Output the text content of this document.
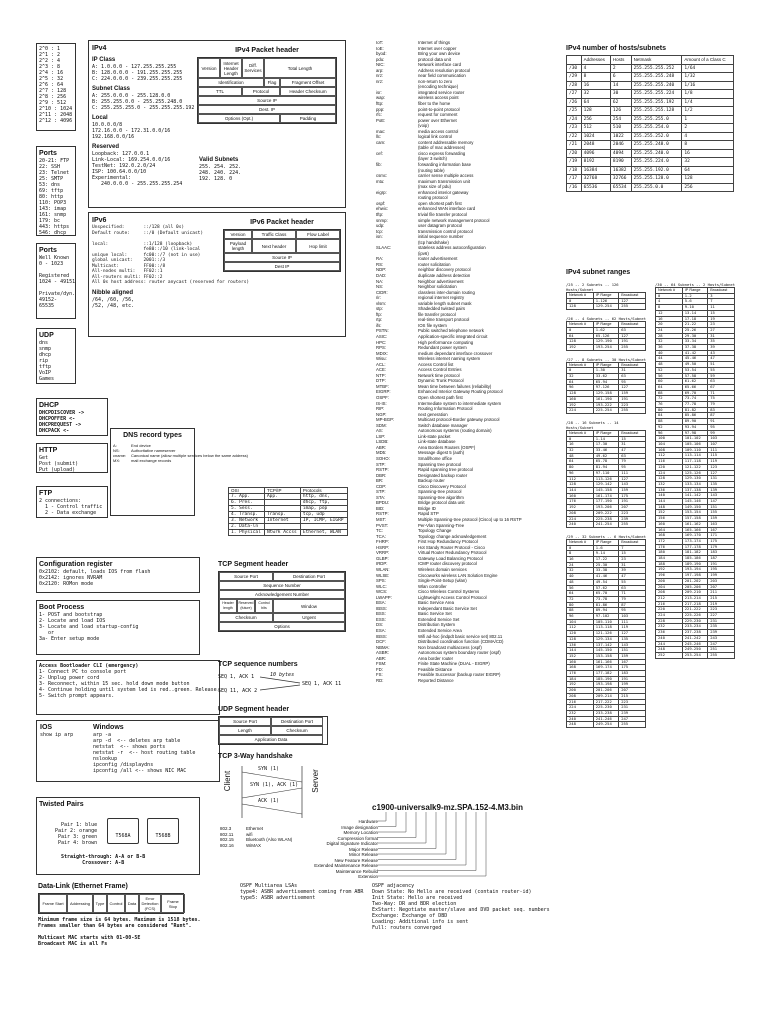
2^0 : 1
2^1 : 2
2^2 : 4
2^3 : 8
2^4 : 16
2^5 : 32
2^6 : 64
2^7 : 128
2^8 : 256
2^9 : 512
2^10 : 1024
2^11 : 2048
2^12 : 4096
Ports
20-21: FTP
22: SSH
23: Telnet
25: SMTP
53: dns
69: tftp
80: http
110: POP3
143: imap
161: snmp
179: bc
443: https
546: dhcp
Ports
Well Known
0 - 1023

Registered
1024 - 49151

Private/dyn.
49152-
65535
UDP
dns
snmp
dhcp
rip
tftp
VoIP
Games
DHCP
DHCPDISCOVER ->
DHCPOFFER <-
DHCPREQUEST ->
DHCPACK <-
HTTP
Get
Post (submit)
Put (upload)
FTP
2 connections:
1 - Control traffic
2 - Data exchange
IPv4
IP Class
A: 1.0.0.0 - 127.255.255.255
B: 128.0.0.0 - 191.255.255.255
C: 224.0.0.0 - 239.255.255.255
Subnet Class
A: 255.0.0.0 - 255.128.0.0
B: 255.255.0.0 - 255.255.248.0
C: 255.255.255.0 - 255.255.255.192
Local
10.0.0.0/8
172.16.0.0 - 172.31.0.0/16
192.168.0.0/16
Reserved
Loopback: 127.0.0.1
Link-Local: 169.254.0.0/16
TestNet: 192.0.2.0/24
ISP: 100.64.0.0/10
Experimental:
240.0.0.0 - 255.255.255.254
Valid Subnets
255. 254. 252.
248. 240. 224.
192. 128. 0
IPv4 Packet header
Version
Internet Header Length
Diff. Services	Total Length
Identification	Flag	Fragment Offset
TTL	Protocol	Header Checksum
Source IP
Dest. IP
Options (Opt.)	Padding
IPv6
Unspecified:       ::/128 (all 0s)
Default route:     ::/0 (Default unicast)

local:             ::1/128 (loopback)
fe80::/10 (link-local
unique local:      fc00::/7 (not in use)
global unicast:    2001::/3
Multicast:         FF00::/8
All-nodes multi:   FF02::1
All-routers multi: FF02::2
All 0s host address: router anycast (reserved for routers)
Nibble aligned
/64, /60, /56,
/52, /48, etc.
IPv6 Packet header
Version	Traffic Class	Flow Label
Payload length	Next header	Hop limit
Source IP
Dest IP
DNS record types
A:	End device
NS:	Authoritative nameserver
cname: Canonical name (allow multiple services below the same address)
MX:	mail exchange records
OSI	TCP/IP	Protocols
7. App.	App.	http, dns,
6. Pres.		dhcp, ftp,
5. Sess.		imap, pop
4. Transp.	Transp.	tcp, udp
3. Network	Internet	IP, ICMP, EIGRP
2. Data-ln		
1. Physical	Ntwrk Accss	Ethernet, WLAN
Configuration register
0x2102: default, loads IOS from flash
0x2142: ignores NVRAM
0x2120: ROMon mode
Boot Process
1- POST and bootstrap
2- Locate and load IOS
3- Locate and load startup-config
or
3a- Enter setup mode
Access Bootloader CLI (emergency)
1- Connect PC to console port
2- Unplug power cord
3- Reconnect, within 15 sec. hold down mode button
4- Continue holding until system led is red..green. Release.
5- Switch prompt appears.
IOS
show ip arp
Windows
arp -a
arp -d  <-- deletes arp table
netstat  <-- shows ports
netstat -r  <-- host routing table
nslookup
ipconfig /displaydns
ipconfig /all <-- shows NIC MAC
Twisted Pairs
Pair 1: blue
Pair 2: orange
Pair 3: green
Pair 4: brown
T568A	T568B
Straight-through: A-A or B-B
Crossover: A-B
Data-Link (Ethernet Frame)
Frame Start	Addressing	Type	Control	Data
Error Detection (FCS)
Frame Stop
Minimum frame size is 64 bytes. Maximum is 1518 bytes.
Frames smaller than 64 bytes are considered "Runt".

Multicast MAC starts with 01-00-5E
Broadcast MAC is all Fs
TCP Segment header
Source Port	Destination Port
Sequence Number
Acknowledgement Number
Header length
Reserved (future)
Control bits	Window
Checksum	Urgent
Options
TCP sequence numbers
SEQ 1, ACK 1
SEQ 11, ACK 2
SEQ 1, ACK 11
10 bytes
UDP Segment header
Source Port	Destination Port
Length	Checksum
Application Data
TCP 3-Way handshake
Client	Server
SYN (1)
SYN (1), ACK (1)
ACK (1)
802.3	Ethernet
802.11	wifi
802.15	Bluetooth (Also WLAN)
802.16	WiMAX
OSPF Multiarea LSAs
type4: ASBR advertisement coming from ABR
type5: ASBR advertisement
OSPF adjacency
Down State: No Hello are received (contain router-id)
Init State: Hello are received
Two-Way: DR and BDR election
ExStart: Negotiate master/slave and DVD packet seq. numbers
Exchange: Exchange of DBD
Loading: Additional info is sent
Full: routers converged
c1900-universalk9-mz.SPA.152-4.M3.bin
Hardware
Image designation
Memory Location
Compression format
Digital Signature Indicator
Major Release
Minor Release
New Feature Release
Extended Maintenance Release
Maintenance Rebuild
Extension
IoT:	Internet of things
IoE:	Internet over copper
byod:	Bring your own device
pdu:	protocol data unit
NIC:	Network interface card
arp:	Address resolution protocol
nrz:	near field communication
nrz:	non-return to zero
(encoding technique)
isr:	integrated service router
wap:	wireless access point
fttp:	fiber to the home
ppp:	point-to-point protocol
rfc:	request for comment
PoE:	power over Ethernet
(voip)
mac:	media access control
llc:	logical link control
cam:	content addressable memory
(table of mac addresses)
cef:	cisco express forwarding
(layer 3 switch)
fib:	forwarding information base
(routing table)
csmc:	carrier sense multiple access
mtu:	maximum transmission unit
(max size of pdu)
eigrp:	enhanced interior gateway
routing protocol
ospf:	open shortest path first
ehwic:	enhanced WAN interface card
tftp:	trivial file transfer protocol
snmp:	simple network management protocol
udp:	user datagram protocol
tcp:	transmission control protocol
isn:	initial sequence number
(tcp handshake)
SLAAC:	stateless address autoconfiguration
(ipv6)
RA:	router advertisement
RS:	router solicitation
NDP:	neighbor discovery protocol
DAD:	duplicate address detection
NA:	Neighbor advertisement
NS:	Neighbor solicitation
CIDR:	classless inter-domain routing
rir:	regional internet registry
vlsm:	variable length subnet mask
stp:	Shadedded twisted pairs
ftp:	file transfer protocol
rtp:	real-time transport protocol
ifs:	IOS file system
PSTN:	Public switched telephone network
ASIC:	Application-specific integrated circuit
HPC:	High performance computing
RPS:	Redundant power system
MDIX:	medium dependant interface crossover
Wisu:	Wireless internet naming system
ACL:	Access Control list
ACE:	Access Control Entries
NTP:	Network time protocol
DTP:	Dynamic Trunk Protocol
MTBF:	Mean time between failures (reliability)
EIGRP:	Enhanced Interior Gateway Routing protocol
OSPF:	Open shortest path first
IS-IS:	Intermediate system to intermediate system
RIP:	Routing Information Protocol
NGP:	next generation
MP-BGP:	Multicast protocol-Border gateway protocol
SDM:	Switch database manager
AS:	Autonomous systems (routing domain)
LSP:	Link-state packet
LSDB:	Link-state database
ABR:	Area Borders Routers (OSPF)
MD5:	Message digest 5 (auth)
SOHO:	Small/home office
STP:	Spanning tree protocol
RSTP:	Rapid spanning tree protocol
DBR:	Designated backup router
BR:	Backup router
CDP:	Cisco Discovery Protocol
STP:	Spanning-tree protocol
STA:	Spanning-tree algorithm
BPDU:	Bridge protocol data unit
BID:	Bridge ID
RSTP:	Rapid STP
MST:	Multiple Spanning-tree protocol (Cisco) up to 16 RSTP
PVST:	Per-Vlan Spanning-Tree
TC:	Topology Change
TCA:	Topology change acknowledgement
FHRP:	First Hop Redundancy Protocol
HSRP:	Hot Standy Router Protocol - Cisco
VRRP:	Virtual Router Redundancy Protocol
GLBP:	Gateway Load Balancing Protocol
IRDP:	ICMP router discovery protocol
WLAN:	Wireless domain services
WLSE:	Ciscoworks wireless LAN Solution Engine
SPS:	Single-Point-Setup (wlan)
WLC:	Wlan controller
WCS:	Cisco Wireless Control Systems
LWAPP:	Lightweight Access Control Protocol
BSA:	Basic Service Area
IBSS:	Independant Basic Service Set
BSS:	Basic Service Set
ESS:	Extended Service Set
DS:	Distribution System
ESA:	Extended Service Area
IBSS:	Wifi ad-hoc (indpdt basic service set) 802.11
DCF:	Distributed coordination function (CDMA/CD)
NBMA:	Non broadcast multiaccess (ospf)
ASBR:	Autonomous system boundary router (ospf)
ABR:	Area border router
FSM:	Finite State Machine (DUAL - EIGRP)
FD:	Feasible Distance
FS:	Feasible Successor (backup router EIGRP)
RD:	Reported Distance
IPv4 number of hosts/subnets
	Addresses	Hosts	Netmask	Amount of a Class C
/30	4	2	255.255.255.252	1/64
/29	8	6	255.255.255.248	1/32
/28	16	14	255.255.255.240	1/16
/27	32	30	255.255.255.224	1/8
/26	64	62	255.255.255.192	1/4
/25	128	126	255.255.255.128	1/2
/24	256	254	255.255.255.0	1
/23	512	510	255.255.254.0	2
/22	1024	1022	255.255.252.0	4
/21	2048	2046	255.255.248.0	8
/20	4096	4094	255.255.240.0	16
/19	8192	8190	255.255.224.0	32
/18	16384	16382	255.255.192.0	64
/17	32768	32766	255.255.128.0	128
/16	65536	65534	255.255.0.0	256
IPv4 subnet ranges
/25 -- 2 Subnets -- 126 Hosts/Subnet
Network #	IP Range	Broadcast
0	1-126	127
128	129-254	255
/26 -- 4 Subnets -- 62 Hosts/Subnet
Network #	IP Range	Broadcast
0	1-62	63
64	65-126	127
128	129-190	191
192	193-254	255
/27 -- 8 Subnets -- 30 Hosts/Subnet
Network #	IP Range	Broadcast
0	1-30	31
32	33-62	63
64	65-94	95
96	97-126	127
128	129-158	159
160	161-190	191
192	193-222	223
224	225-254	255
/28 -- 16 Subnets -- 14 Hosts/Subnet
Network #	IP Range	Broadcast
0	1-14	15
16	17-30	31
32	33-46	47
48	49-62	63
64	65-78	79
80	81-94	95
96	97-110	111
112	113-126	127
128	129-142	143
144	145-158	159
160	161-174	175
176	177-190	191
192	193-206	207
208	209-222	223
224	225-238	239
240	241-254	255
/29 -- 32 Subnets -- 6 Hosts/Subnet
Network #	IP Range	Broadcast
0	1-6	7
8	9-14	15
16	17-22	23
24	25-30	31
32	33-38	39
40	41-46	47
48	49-54	55
56	57-62	63
64	65-70	71
72	73-78	79
80	81-86	87
88	89-94	95
96	97-102	103
104	105-110	111
112	113-118	119
120	121-126	127
128	129-134	135
136	137-142	143
144	145-150	151
152	153-158	159
160	161-166	167
168	169-174	175
176	177-182	183
184	185-190	191
192	193-198	199
200	201-206	207
208	209-214	215
216	217-222	223
224	225-230	231
232	233-238	239
240	241-246	247
248	249-254	255
/30 -- 64 Subnets -- 2 Hosts/Subnet
Network #	IP Range	Broadcast
0	1-2	3
4	5-6	7
8	9-10	11
12	13-14	15
16	17-18	19
20	21-22	23
24	25-26	27
28	29-30	31
32	33-34	35
36	37-38	39
40	41-42	43
44	45-46	47
48	49-50	51
52	53-54	55
56	57-58	59
60	61-62	63
64	65-66	67
68	69-70	71
72	73-74	75
76	77-78	79
80	81-82	83
84	85-86	87
88	89-90	91
92	93-94	95
96	97-98	99
100	101-102	103
104	105-106	107
108	109-110	111
112	113-114	115
116	117-118	119
120	121-122	123
124	125-126	127
128	129-130	131
132	133-134	135
136	137-138	139
140	141-142	143
144	145-146	147
148	149-150	151
152	153-154	155
156	157-158	159
160	161-162	163
164	165-166	167
168	169-170	171
172	173-174	175
176	177-178	179
180	181-182	183
184	185-186	187
188	189-190	191
192	193-194	195
196	197-198	199
200	201-202	203
204	205-206	207
208	209-210	211
212	213-214	215
216	217-218	219
220	221-222	223
224	225-226	227
228	229-230	231
232	233-234	235
236	237-238	239
240	241-242	243
244	245-246	247
248	249-250	251
252	253-254	255
